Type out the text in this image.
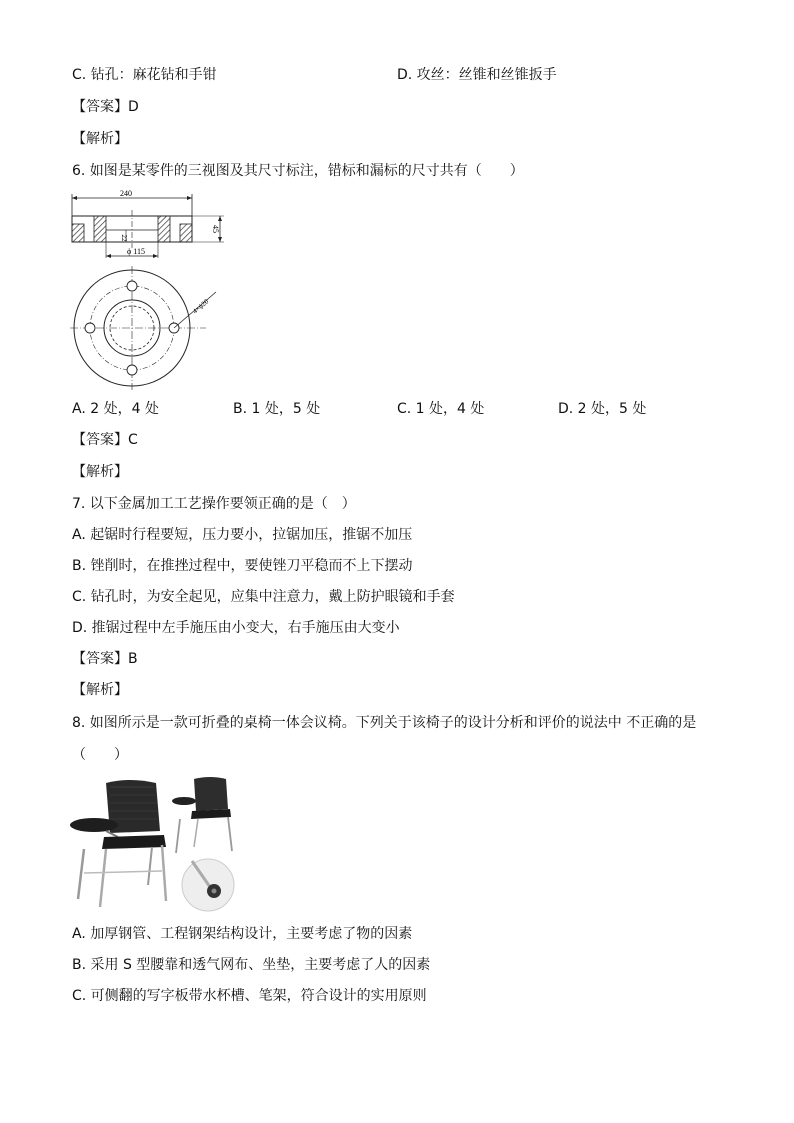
C. 钻孔：麻花钻和手钳	D. 攻丝：丝锥和丝锥扳手
【答案】D
【解析】
6. 如图是某零件的三视图及其尺寸标注，错标和漏标的尺寸共有（　　）
240
45
22
ϕ 115
4×ϕ20
A. 2 处，4 处	B. 1 处，5 处	C. 1 处，4 处	D. 2 处，5 处
【答案】C
【解析】
7. 以下金属加工工艺操作要领正确的是（　）
A. 起锯时行程要短，压力要小，拉锯加压，推锯不加压
B. 锉削时，在推挫过程中，要使锉刀平稳而不上下摆动
C. 钻孔时，为安全起见，应集中注意力，戴上防护眼镜和手套
D. 推锯过程中左手施压由小变大，右手施压由大变小
【答案】B
【解析】
8. 如图所示是一款可折叠的桌椅一体会议椅。下列关于该椅子的设计分析和评价的说法中 不正确的是
（　　）
A. 加厚钢管、工程钢架结构设计，主要考虑了物的因素
B. 采用 S 型腰靠和透气网布、坐垫，主要考虑了人的因素
C. 可侧翻的写字板带水杯槽、笔架，符合设计的实用原则
